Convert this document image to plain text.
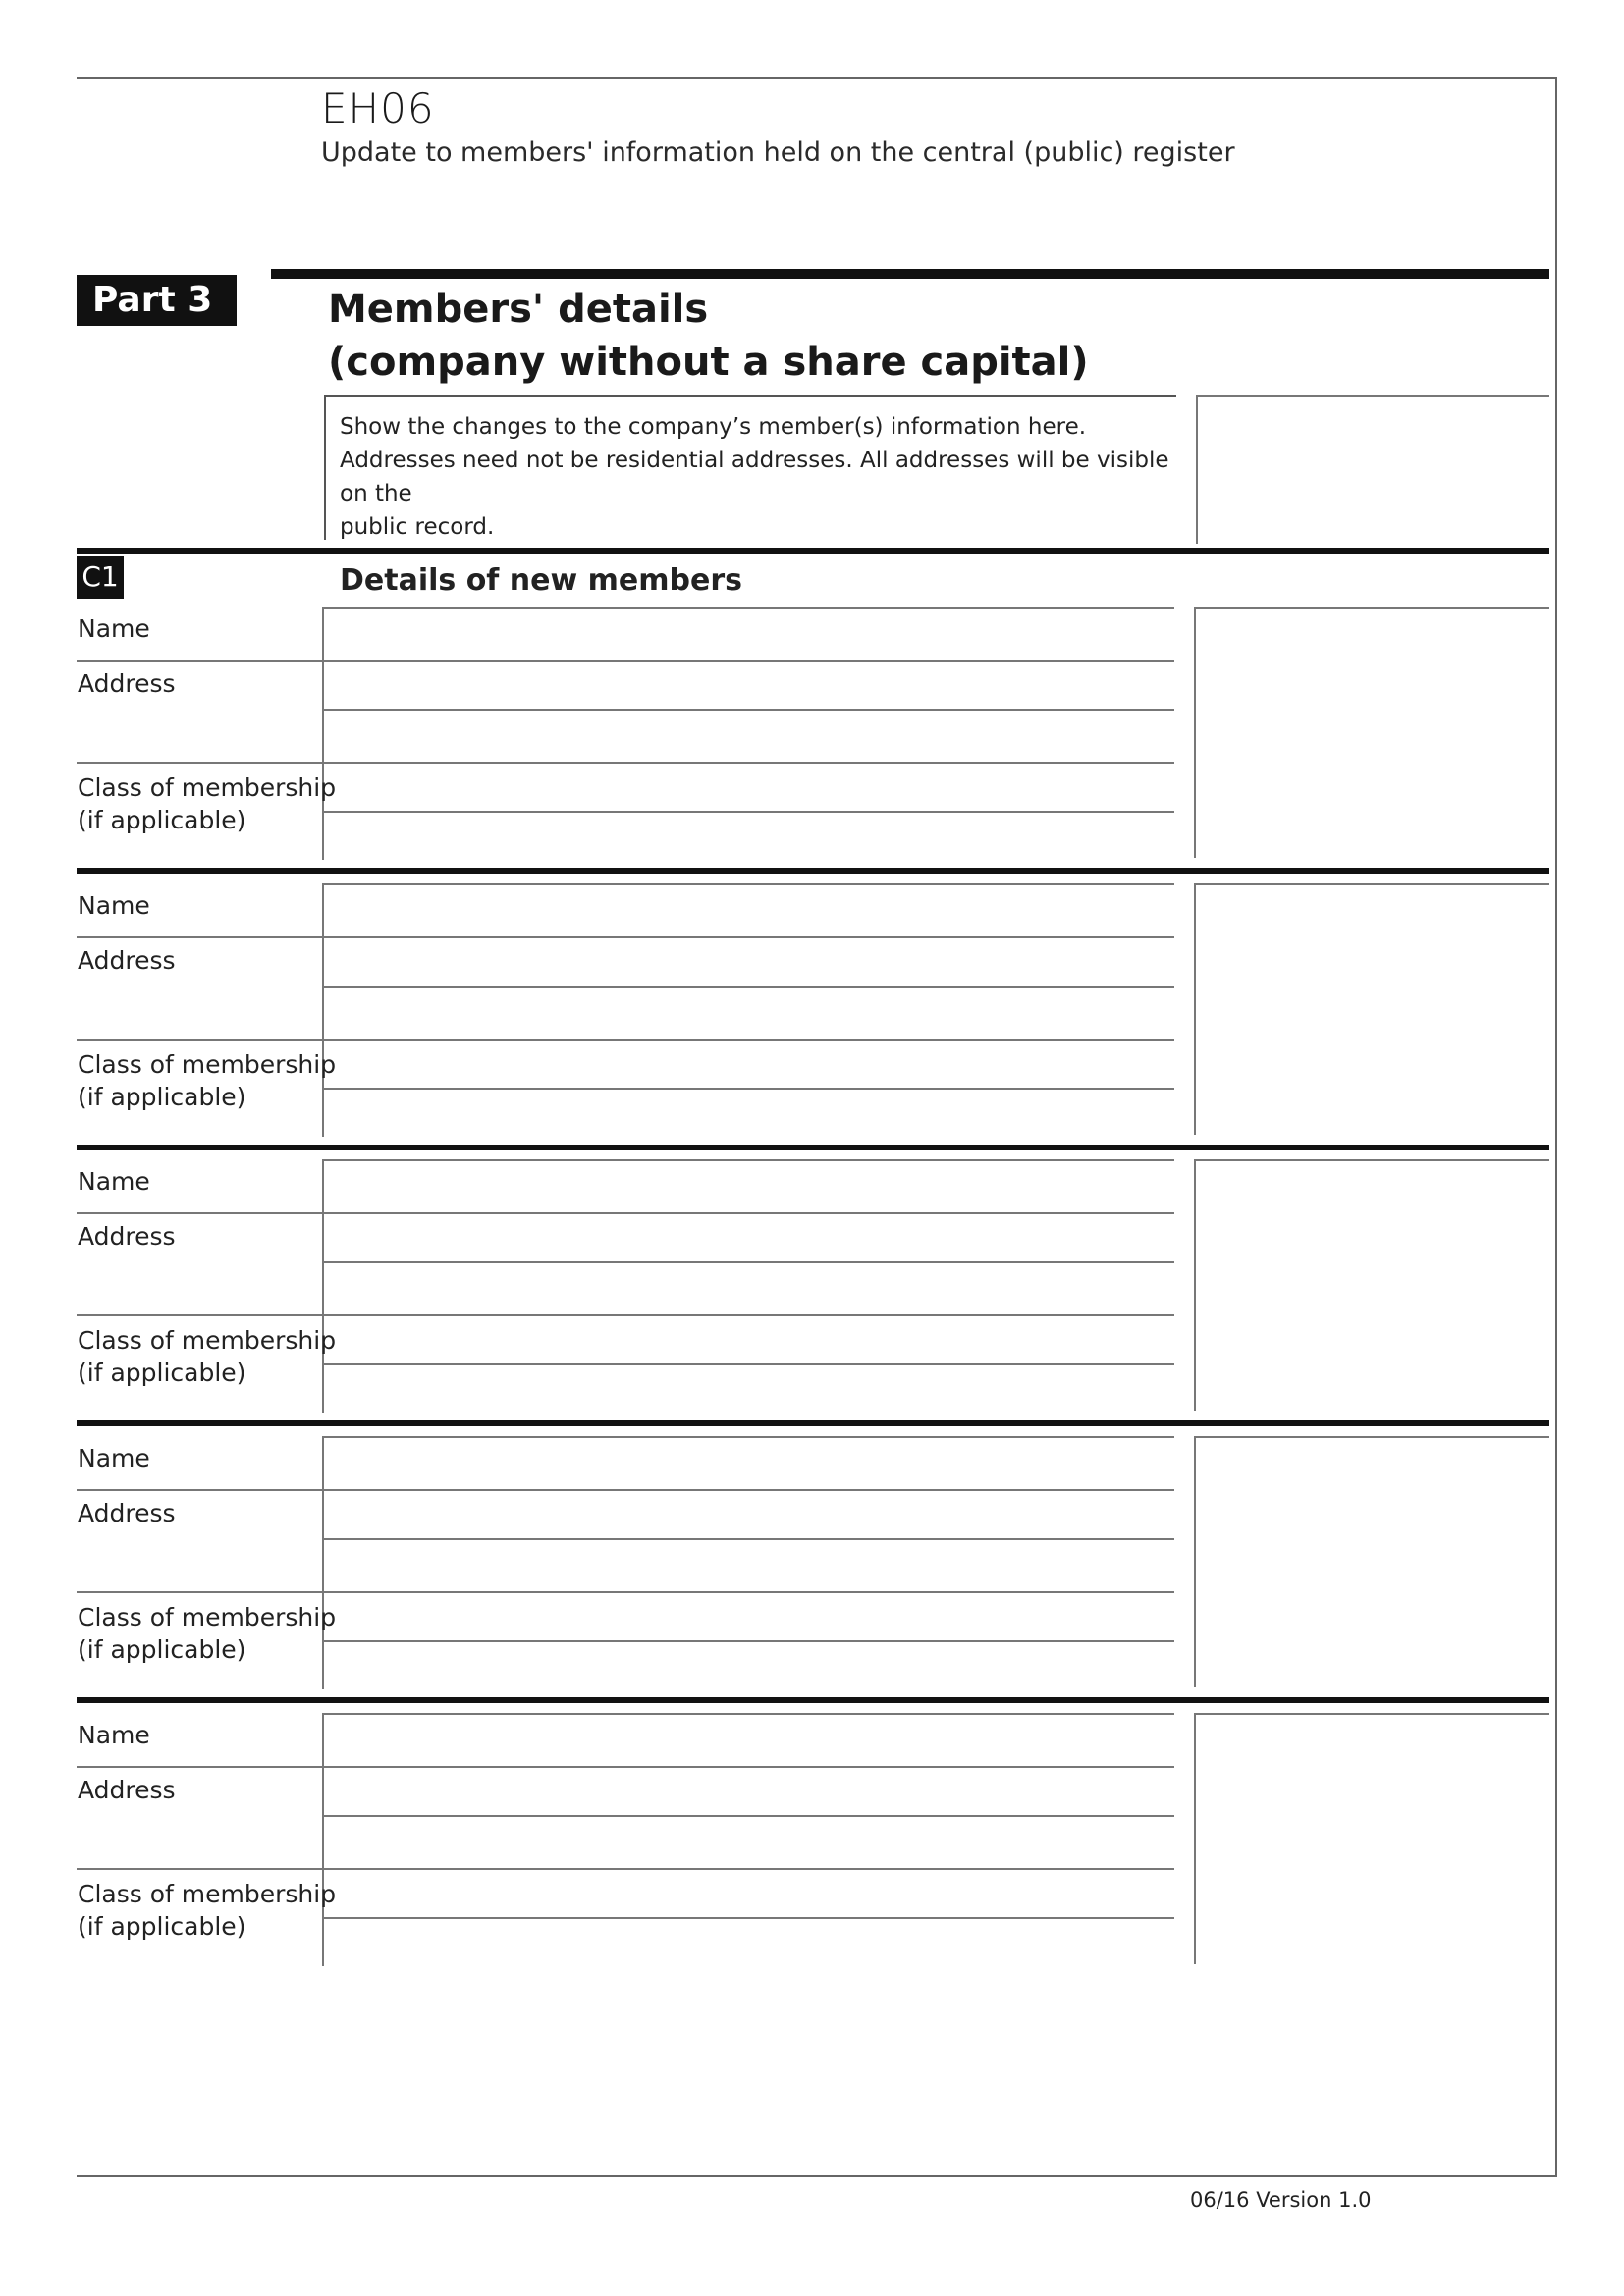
EH06
Update to members' information held on the central (public) register
Part 3	Members' details
(company without a share capital)
Show the changes to the company’s member(s) information here.
Addresses need not be residential addresses. All addresses will be visible on the
public record.
C1	Details of new members
Name
Address
Class of membership
(if applicable)
Name
Address
Class of membership
(if applicable)
Name
Address
Class of membership
(if applicable)
Name
Address
Class of membership
(if applicable)
Name
Address
Class of membership
(if applicable)
06/16 Version 1.0
